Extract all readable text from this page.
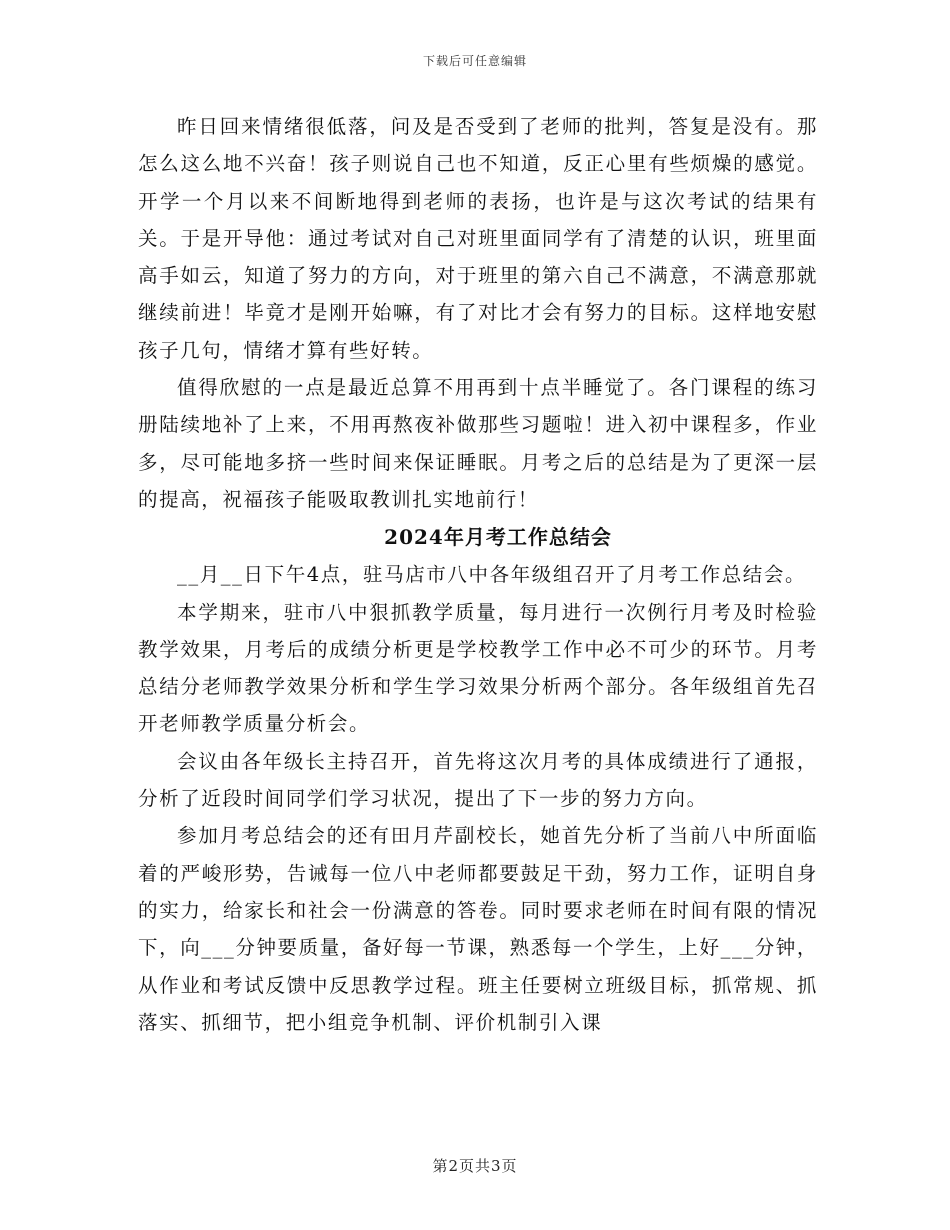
下载后可任意编辑

昨日回来情绪很低落，问及是否受到了老师的批判，答复是没有。那怎么这么地不兴奋！孩子则说自己也不知道，反正心里有些烦燥的感觉。开学一个月以来不间断地得到老师的表扬，也许是与这次考试的结果有关。于是开导他：通过考试对自己对班里面同学有了清楚的认识，班里面高手如云，知道了努力的方向，对于班里的第六自己不满意，不满意那就继续前进！毕竟才是刚开始嘛，有了对比才会有努力的目标。这样地安慰孩子几句，情绪才算有些好转。

值得欣慰的一点是最近总算不用再到十点半睡觉了。各门课程的练习册陆续地补了上来，不用再熬夜补做那些习题啦！进入初中课程多，作业多，尽可能地多挤一些时间来保证睡眠。月考之后的总结是为了更深一层的提高，祝福孩子能吸取教训扎实地前行！

2024年月考工作总结会

__月__日下午4点，驻马店市八中各年级组召开了月考工作总结会。

本学期来，驻市八中狠抓教学质量，每月进行一次例行月考及时检验教学效果，月考后的成绩分析更是学校教学工作中必不可少的环节。月考总结分老师教学效果分析和学生学习效果分析两个部分。各年级组首先召开老师教学质量分析会。

会议由各年级长主持召开，首先将这次月考的具体成绩进行了通报，分析了近段时间同学们学习状况，提出了下一步的努力方向。

参加月考总结会的还有田月芹副校长，她首先分析了当前八中所面临着的严峻形势，告诫每一位八中老师都要鼓足干劲，努力工作，证明自身的实力，给家长和社会一份满意的答卷。同时要求老师在时间有限的情况下，向___分钟要质量，备好每一节课，熟悉每一个学生，上好___分钟，从作业和考试反馈中反思教学过程。班主任要树立班级目标，抓常规、抓落实、抓细节，把小组竞争机制、评价机制引入课

第2页共3页
